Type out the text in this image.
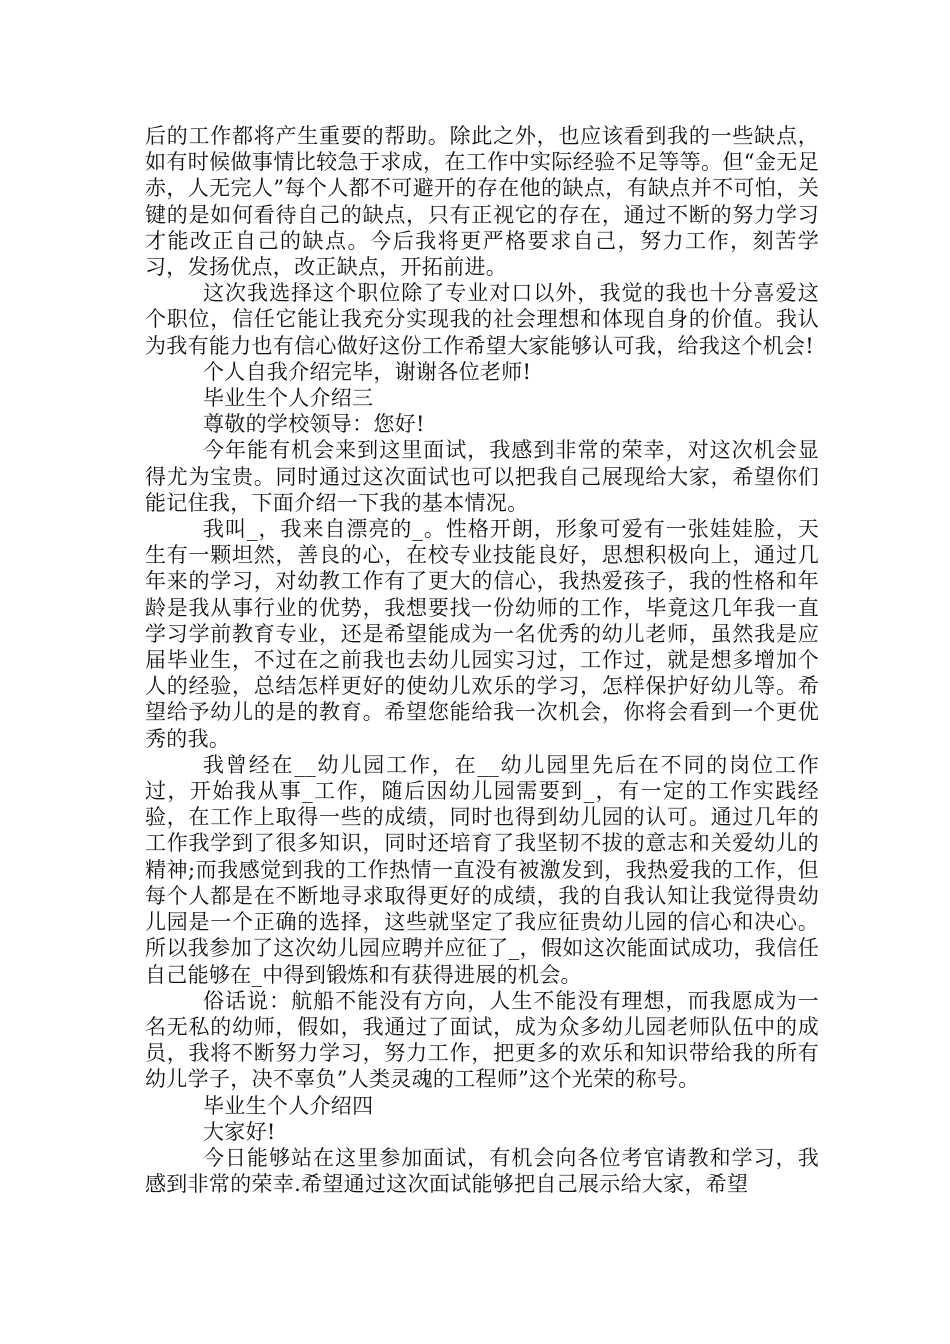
后的工作都将产生重要的帮助。除此之外，也应该看到我的一些缺点，如有时候做事情比较急于求成，在工作中实际经验不足等等。但“金无足赤，人无完人”每个人都不可避开的存在他的缺点，有缺点并不可怕，关键的是如何看待自己的缺点，只有正视它的存在，通过不断的努力学习才能改正自己的缺点。今后我将更严格要求自己，努力工作，刻苦学习，发扬优点，改正缺点，开拓前进。

这次我选择这个职位除了专业对口以外，我觉的我也十分喜爱这个职位，信任它能让我充分实现我的社会理想和体现自身的价值。我认为我有能力也有信心做好这份工作希望大家能够认可我，给我这个机会!

个人自我介绍完毕，谢谢各位老师!

毕业生个人介绍三

尊敬的学校领导：您好!

今年能有机会来到这里面试，我感到非常的荣幸，对这次机会显得尤为宝贵。同时通过这次面试也可以把我自己展现给大家，希望你们能记住我，下面介绍一下我的基本情况。

我叫_，我来自漂亮的_。性格开朗，形象可爱有一张娃娃脸，天生有一颗坦然，善良的心，在校专业技能良好，思想积极向上，通过几年来的学习，对幼教工作有了更大的信心，我热爱孩子，我的性格和年龄是我从事行业的优势，我想要找一份幼师的工作，毕竟这几年我一直学习学前教育专业，还是希望能成为一名优秀的幼儿老师，虽然我是应届毕业生，不过在之前我也去幼儿园实习过，工作过，就是想多增加个人的经验，总结怎样更好的使幼儿欢乐的学习，怎样保护好幼儿等。希望给予幼儿的是的教育。希望您能给我一次机会，你将会看到一个更优秀的我。

我曾经在__幼儿园工作，在__幼儿园里先后在不同的岗位工作过，开始我从事_工作，随后因幼儿园需要到_，有一定的工作实践经验，在工作上取得一些的成绩，同时也得到幼儿园的认可。通过几年的工作我学到了很多知识，同时还培育了我坚韧不拔的意志和关爱幼儿的精神;而我感觉到我的工作热情一直没有被激发到，我热爱我的工作，但每个人都是在不断地寻求取得更好的成绩，我的自我认知让我觉得贵幼儿园是一个正确的选择，这些就坚定了我应征贵幼儿园的信心和决心。所以我参加了这次幼儿园应聘并应征了_，假如这次能面试成功，我信任自己能够在_中得到锻炼和有获得进展的机会。

俗话说：航船不能没有方向，人生不能没有理想，而我愿成为一名无私的幼师，假如，我通过了面试，成为众多幼儿园老师队伍中的成员，我将不断努力学习，努力工作，把更多的欢乐和知识带给我的所有幼儿学子，决不辜负”人类灵魂的工程师”这个光荣的称号。

毕业生个人介绍四

大家好!

今日能够站在这里参加面试，有机会向各位考官请教和学习，我感到非常的荣幸.希望通过这次面试能够把自己展示给大家，希望
